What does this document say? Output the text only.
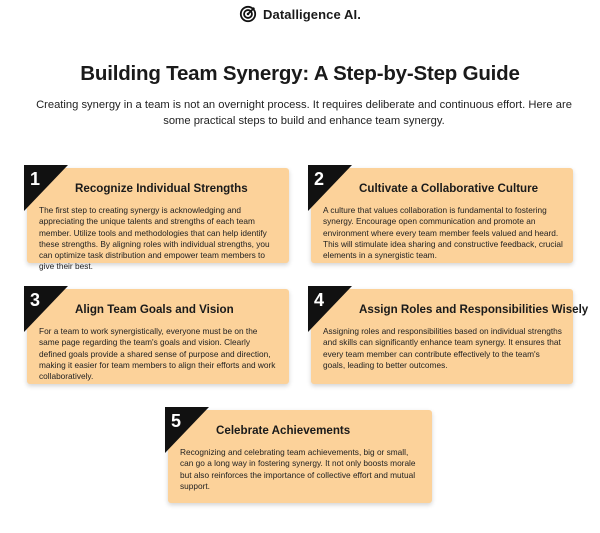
Datalligence AI.
Building Team Synergy: A Step-by-Step Guide

Creating synergy in a team is not an overnight process. It requires deliberate and continuous effort. Here are some practical steps to build and enhance team synergy.

1	Recognize Individual Strengths

The first step to creating synergy is acknowledging and appreciating the unique talents and strengths of each team member. Utilize tools and methodologies that can help identify these strengths. By aligning roles with individual strengths, you can optimize task distribution and empower team members to give their best.

2	Cultivate a Collaborative Culture

A culture that values collaboration is fundamental to fostering synergy. Encourage open communication and promote an environment where every team member feels valued and heard. This will stimulate idea sharing and constructive feedback, crucial elements in a synergistic team.

3	Align Team Goals and Vision

For a team to work synergistically, everyone must be on the same page regarding the team's goals and vision. Clearly defined goals provide a shared sense of purpose and direction, making it easier for team members to align their efforts and work collaboratively.

4	Assign Roles and Responsibilities Wisely

Assigning roles and responsibilities based on individual strengths and skills can significantly enhance team synergy. It ensures that every team member can contribute effectively to the team's goals, leading to better outcomes.

5	Celebrate Achievements

Recognizing and celebrating team achievements, big or small, can go a long way in fostering synergy. It not only boosts morale but also reinforces the importance of collective effort and mutual support.
